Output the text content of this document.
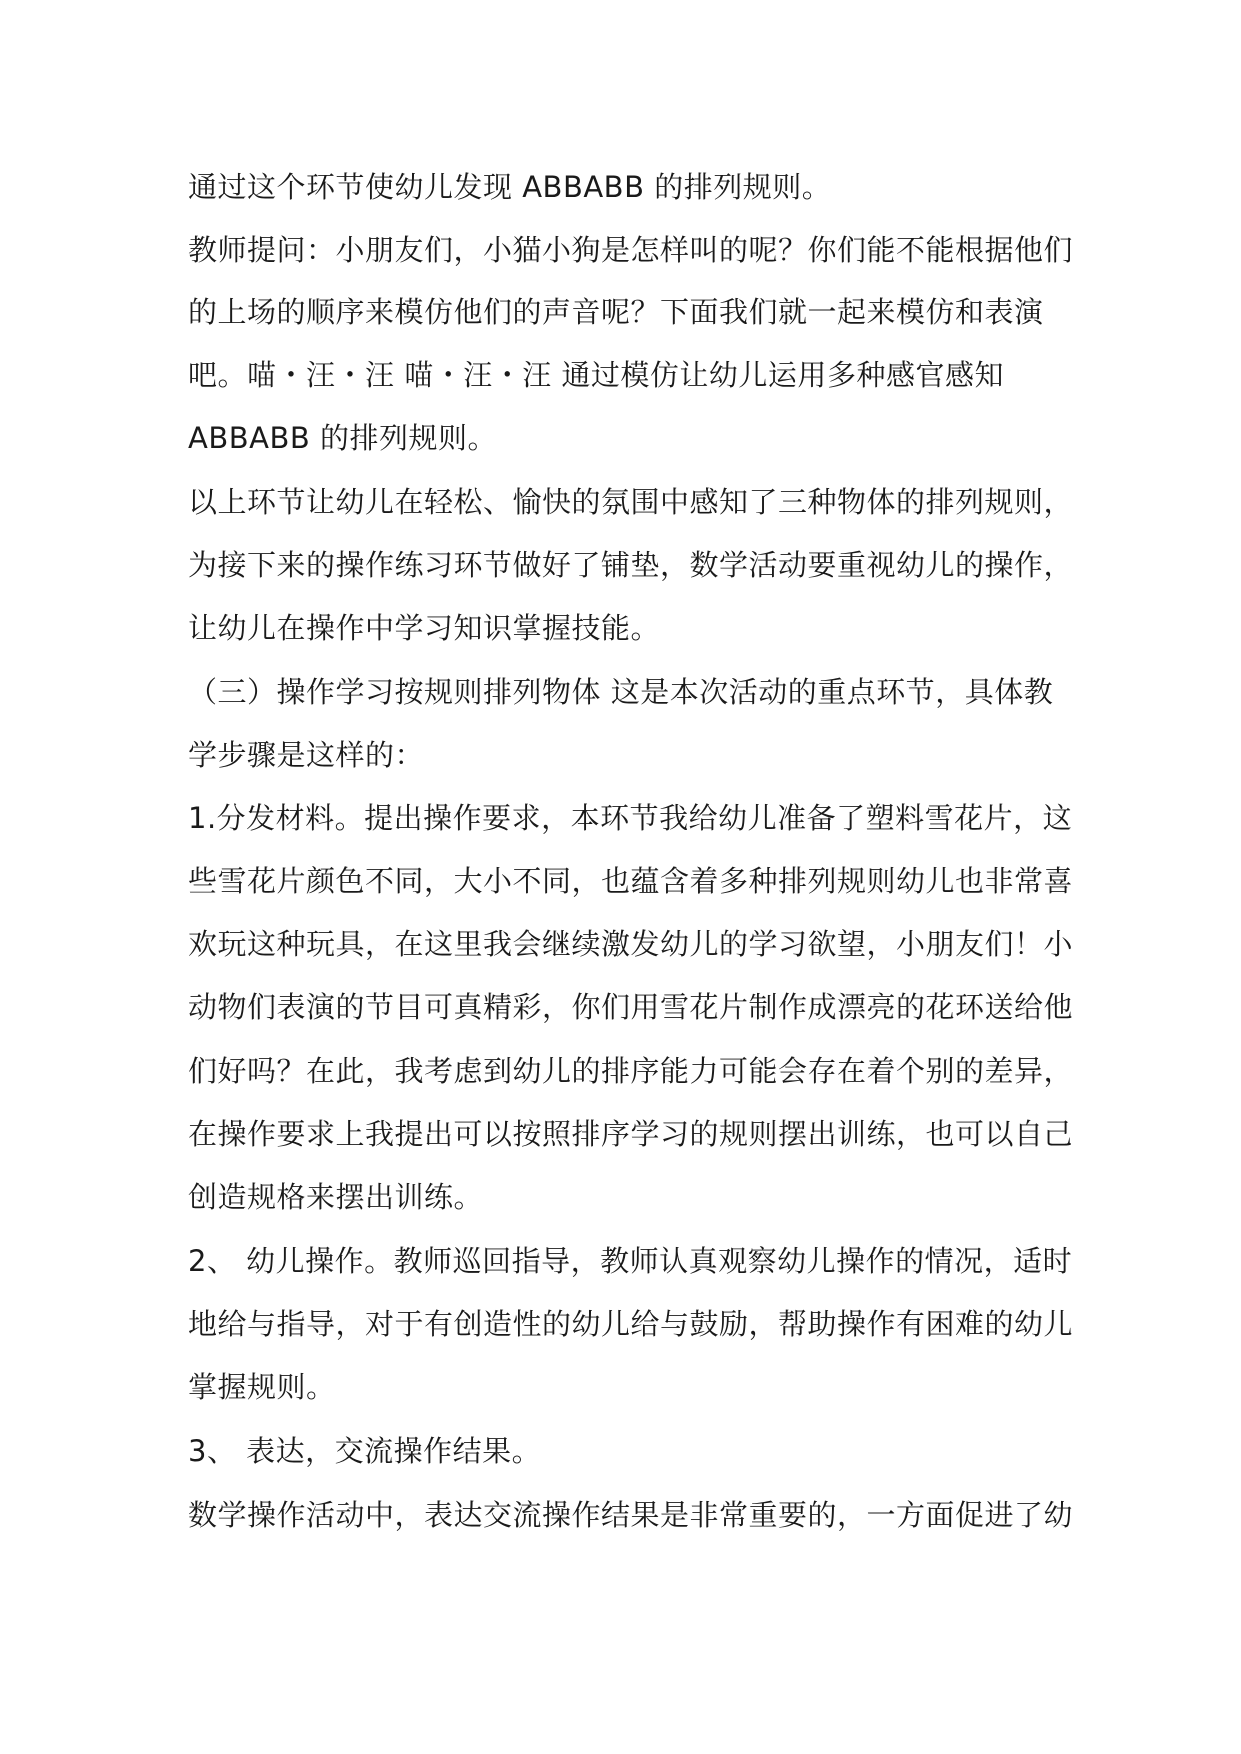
通过这个环节使幼儿发现 ABBABB 的排列规则。
教师提问：小朋友们，小猫小狗是怎样叫的呢？你们能不能根据他们
的上场的顺序来模仿他们的声音呢？下面我们就一起来模仿和表演
吧。喵・汪・汪 喵・汪・汪 通过模仿让幼儿运用多种感官感知
ABBABB 的排列规则。
以上环节让幼儿在轻松、愉快的氛围中感知了三种物体的排列规则，
为接下来的操作练习环节做好了铺垫，数学活动要重视幼儿的操作，
让幼儿在操作中学习知识掌握技能。
（三）操作学习按规则排列物体 这是本次活动的重点环节，具体教
学步骤是这样的：
1.分发材料。提出操作要求，本环节我给幼儿准备了塑料雪花片，这
些雪花片颜色不同，大小不同，也蕴含着多种排列规则幼儿也非常喜
欢玩这种玩具，在这里我会继续激发幼儿的学习欲望，小朋友们！小
动物们表演的节目可真精彩，你们用雪花片制作成漂亮的花环送给他
们好吗？在此，我考虑到幼儿的排序能力可能会存在着个别的差异，
在操作要求上我提出可以按照排序学习的规则摆出训练，也可以自己
创造规格来摆出训练。
2、 幼儿操作。教师巡回指导，教师认真观察幼儿操作的情况，适时
地给与指导，对于有创造性的幼儿给与鼓励，帮助操作有困难的幼儿
掌握规则。
3、 表达，交流操作结果。
数学操作活动中，表达交流操作结果是非常重要的，一方面促进了幼
